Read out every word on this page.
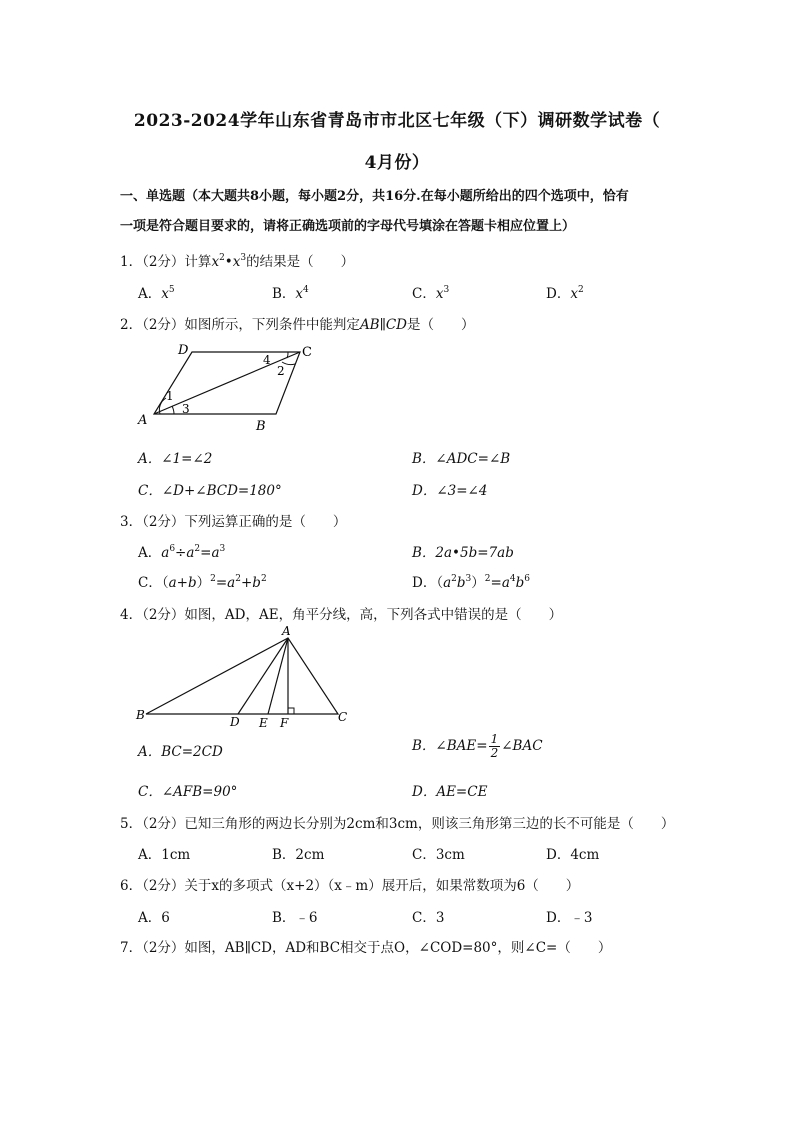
2023-2024学年山东省青岛市市北区七年级（下）调研数学试卷（
4月份）
一、单选题（本大题共8小题，每小题2分，共16分.在每小题所给出的四个选项中，恰有
一项是符合题目要求的，请将正确选项前的字母代号填涂在答题卡相应位置上）
1．（2分）计算$x^2•x^3$的结果是（　　）
A．$x^5$	B．$x^4$	C．$x^3$	D．$x^2$
2．（2分）如图所示，下列条件中能判定AB∥CD是（　　）
D	C
A	B
1
3
4
2
A．∠1=∠2	B．∠ADC=∠B
C．∠D+∠BCD=180°	D．∠3=∠4
3．（2分）下列运算正确的是（　　）
A．$a^6\div a^2=a^3$	B．2a•5b=7ab
C．$(a+b)^2=a^2+b^2$	D．$(a^2b^3)^2=a^4b^6$
4．（2分）如图，AD，AE，角平分线，高，下列各式中错误的是（　　）
A
B	D E F	C
A．BC=2CD	B．∠BAE= $\frac{1}{2}$ ∠BAC
C．∠AFB=90°	D．AE=CE
5．（2分）已知三角形的两边长分别为2cm和3cm，则该三角形第三边的长不可能是（　　）
A．1cm	B．2cm	C．3cm	D．4cm
6．（2分）关于x的多项式（x+2）（x﹣m）展开后，如果常数项为6（　　）
A．6	B．﹣6	C．3	D．﹣3
7．（2分）如图，AB∥CD，AD和BC相交于点O，∠COD=80°，则∠C=（　　）
